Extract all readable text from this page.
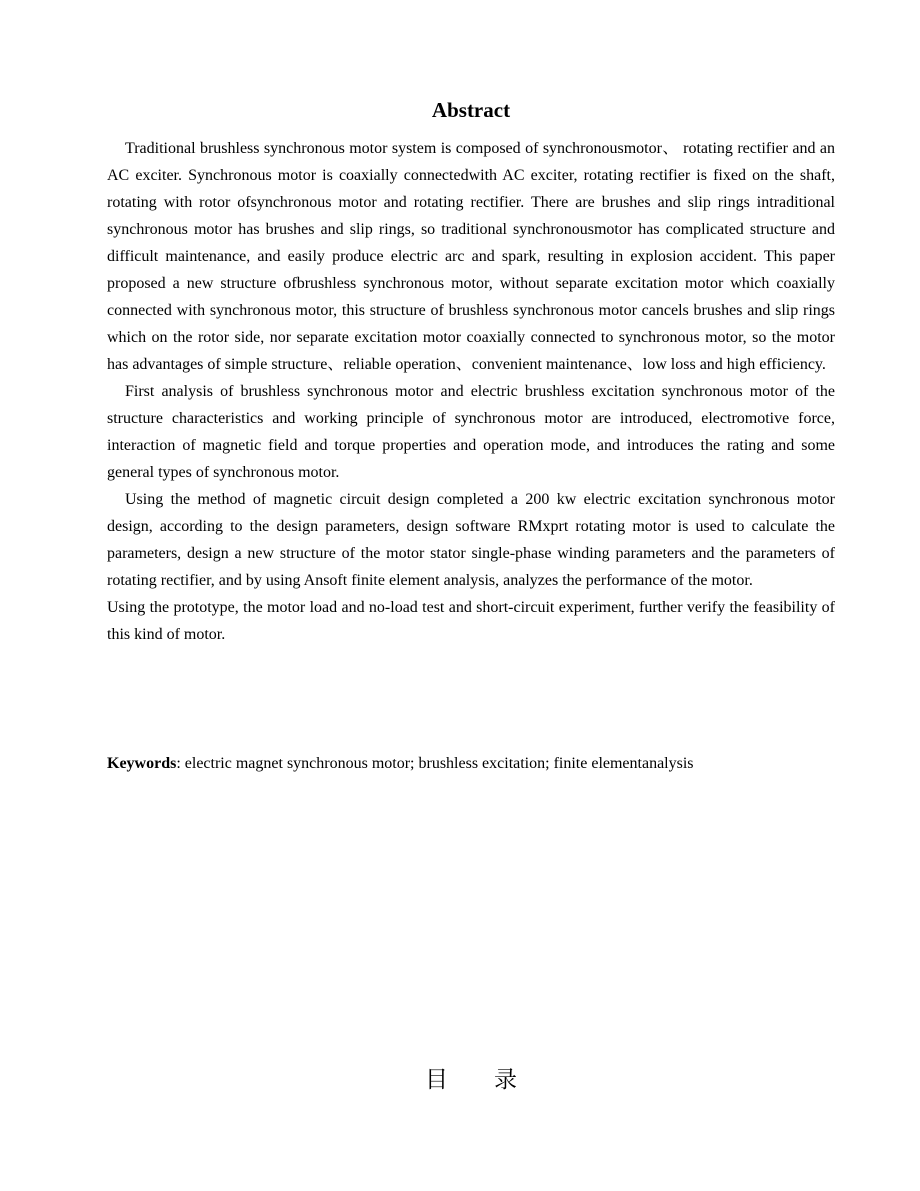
Abstract

Traditional brushless synchronous motor system is composed of synchronousmotor、 rotating rectifier and an AC exciter. Synchronous motor is coaxially connectedwith AC exciter, rotating rectifier is fixed on the shaft, rotating with rotor ofsynchronous motor and rotating rectifier. There are brushes and slip rings intraditional synchronous motor has brushes and slip rings, so traditional synchronousmotor has complicated structure and difficult maintenance, and easily produce electric arc and spark, resulting in explosion accident. This paper proposed a new structure ofbrushless synchronous motor, without separate excitation motor which coaxially connected with synchronous motor, this structure of brushless synchronous motor cancels brushes and slip rings which on the rotor side, nor separate excitation motor coaxially connected to synchronous motor, so the motor has advantages of simple structure、reliable operation、convenient maintenance、low loss and high efficiency.

First analysis of brushless synchronous motor and electric brushless excitation synchronous motor of the structure characteristics and working principle of synchronous motor are introduced, electromotive force, interaction of magnetic field and torque properties and operation mode, and introduces the rating and some general types of synchronous motor.

Using the method of magnetic circuit design completed a 200 kw electric excitation synchronous motor design, according to the design parameters, design software RMxprt rotating motor is used to calculate the parameters, design a new structure of the motor stator single-phase winding parameters and the parameters of rotating rectifier, and by using Ansoft finite element analysis, analyzes the performance of the motor.

Using the prototype, the motor load and no-load test and short-circuit experiment, further verify the feasibility of this kind of motor.

Keywords: electric magnet synchronous motor; brushless excitation; finite elementanalysis
目 录
